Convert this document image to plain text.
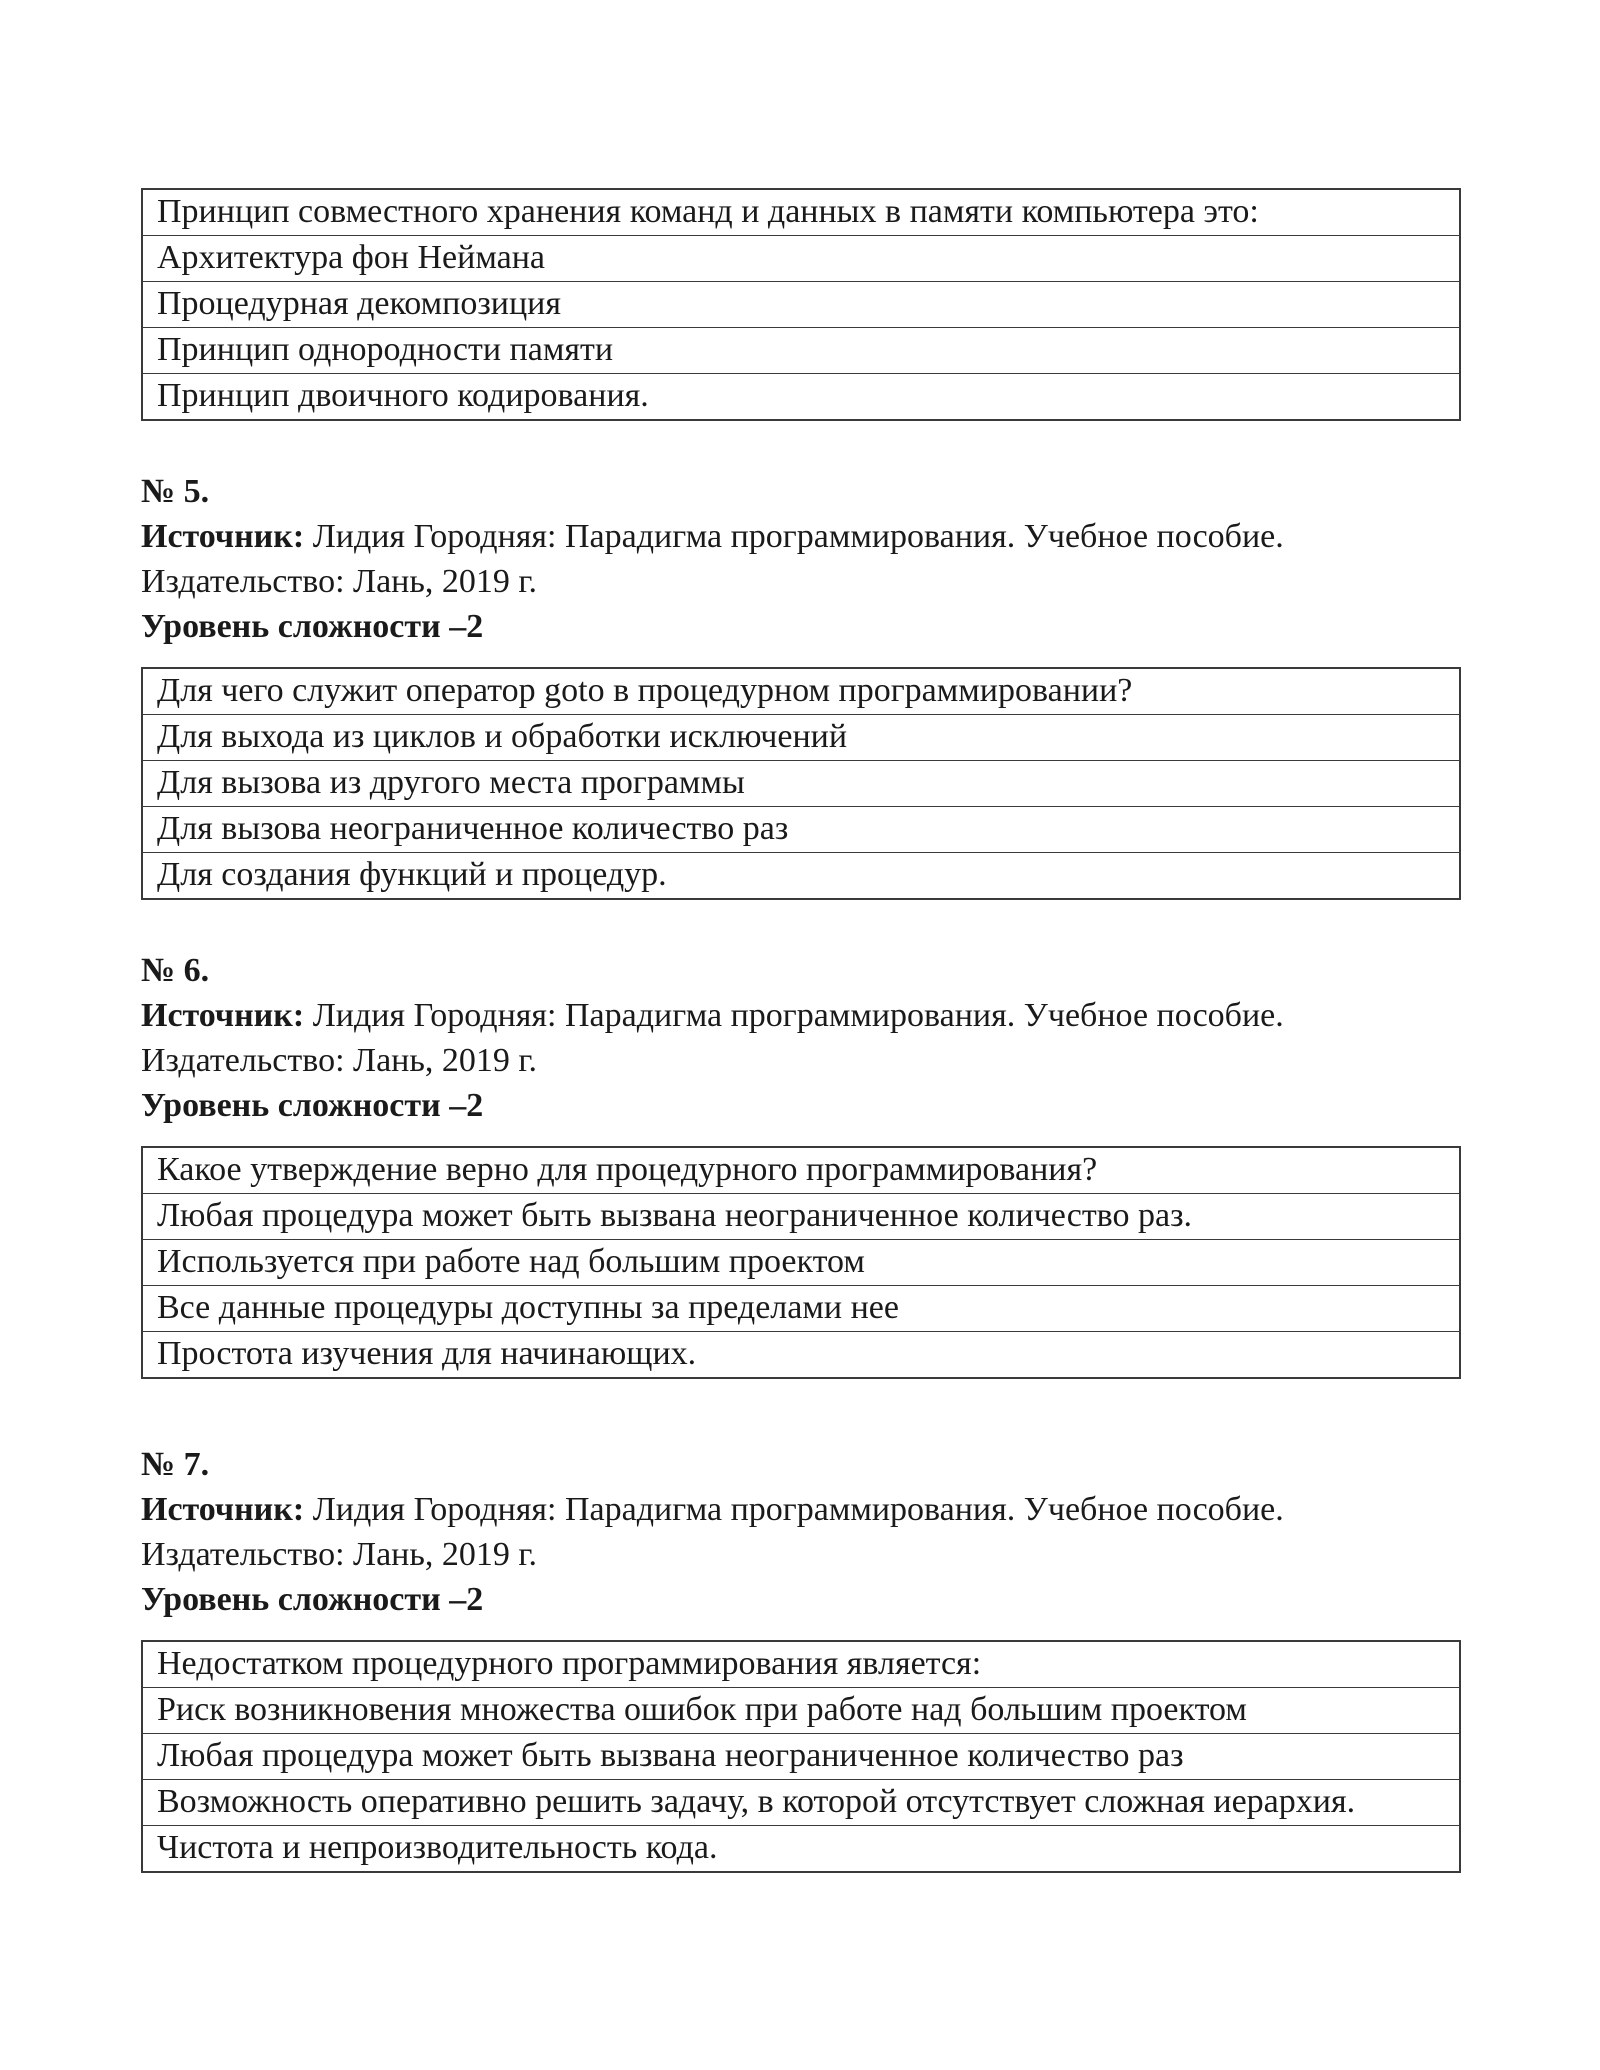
Принцип совместного хранения команд и данных в памяти компьютера это:
Архитектура фон Неймана
Процедурная декомпозиция
Принцип однородности памяти
Принцип двоичного кодирования.
№ 5.
Источник: Лидия Городняя: Парадигма программирования. Учебное пособие.
Издательство: Лань, 2019 г.
Уровень сложности –2
Для чего служит оператор goto в процедурном программировании?
Для выхода из циклов и обработки исключений
Для вызова из другого места программы
Для вызова неограниченное количество раз
Для создания функций и процедур.
№ 6.
Источник: Лидия Городняя: Парадигма программирования. Учебное пособие.
Издательство: Лань, 2019 г.
Уровень сложности –2
Какое утверждение верно для процедурного программирования?
Любая процедура может быть вызвана неограниченное количество раз.
Используется при работе над большим проектом
Все данные процедуры доступны за пределами нее
Простота изучения для начинающих.
№ 7.
Источник: Лидия Городняя: Парадигма программирования. Учебное пособие.
Издательство: Лань, 2019 г.
Уровень сложности –2
Недостатком процедурного программирования является:
Риск возникновения множества ошибок при работе над большим проектом
Любая процедура может быть вызвана неограниченное количество раз
Возможность оперативно решить задачу, в которой отсутствует сложная иерархия.
Чистота и непроизводительность кода.
